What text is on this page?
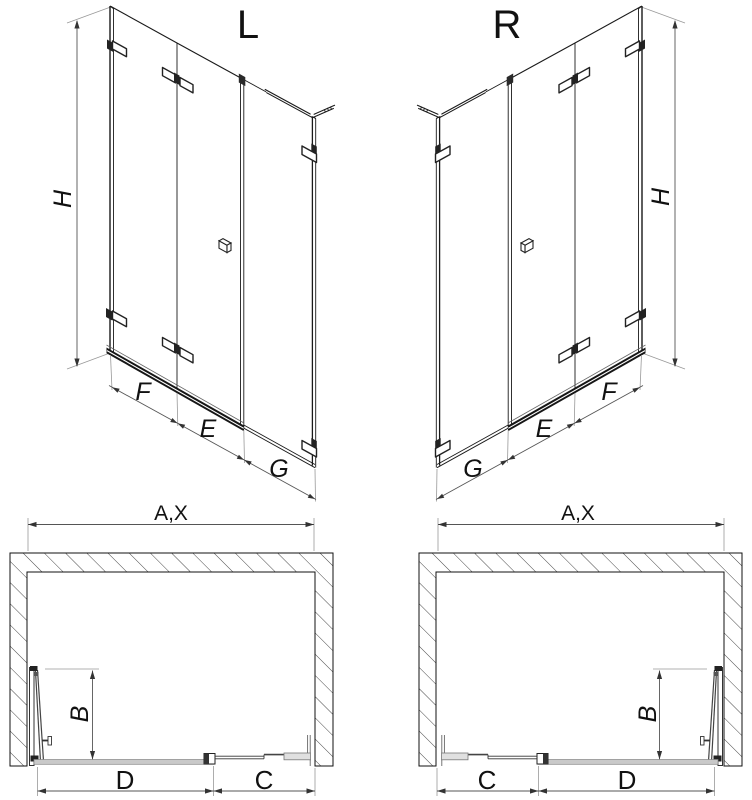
L	R
H	H
F
E
G
F
E
G
A,X	A,X
B	B
D	C	C	D
